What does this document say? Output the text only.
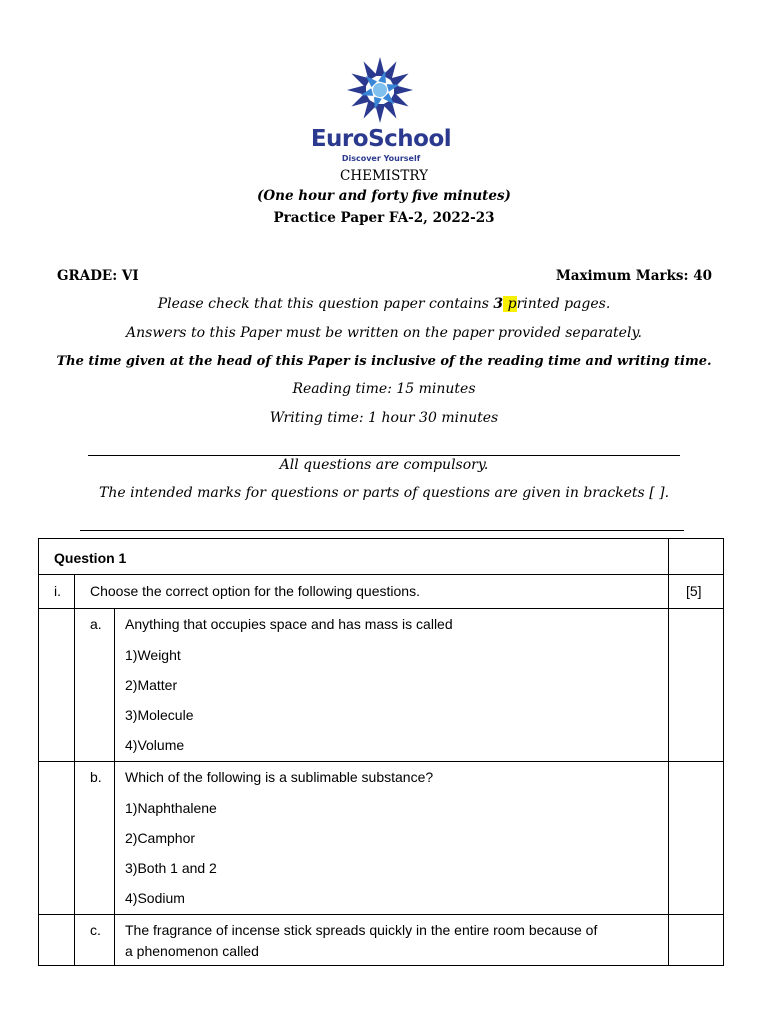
EuroSchool
Discover Yourself
CHEMISTRY
(One hour and forty five minutes)
Practice Paper FA-2, 2022-23
GRADE: VI	Maximum Marks: 40
Please check that this question paper contains 3 printed pages.
Answers to this Paper must be written on the paper provided separately.
The time given at the head of this Paper is inclusive of the reading time and writing time.
Reading time: 15 minutes
Writing time: 1 hour 30 minutes
All questions are compulsory.
The intended marks for questions or parts of questions are given in brackets [ ].
Question 1
i. Choose the correct option for the following questions.	[5]
a. Anything that occupies space and has mass is called
1)Weight
2)Matter
3)Molecule
4)Volume
b. Which of the following is a sublimable substance?
1)Naphthalene
2)Camphor
3)Both 1 and 2
4)Sodium
c. The fragrance of incense stick spreads quickly in the entire room because of
a phenomenon called
